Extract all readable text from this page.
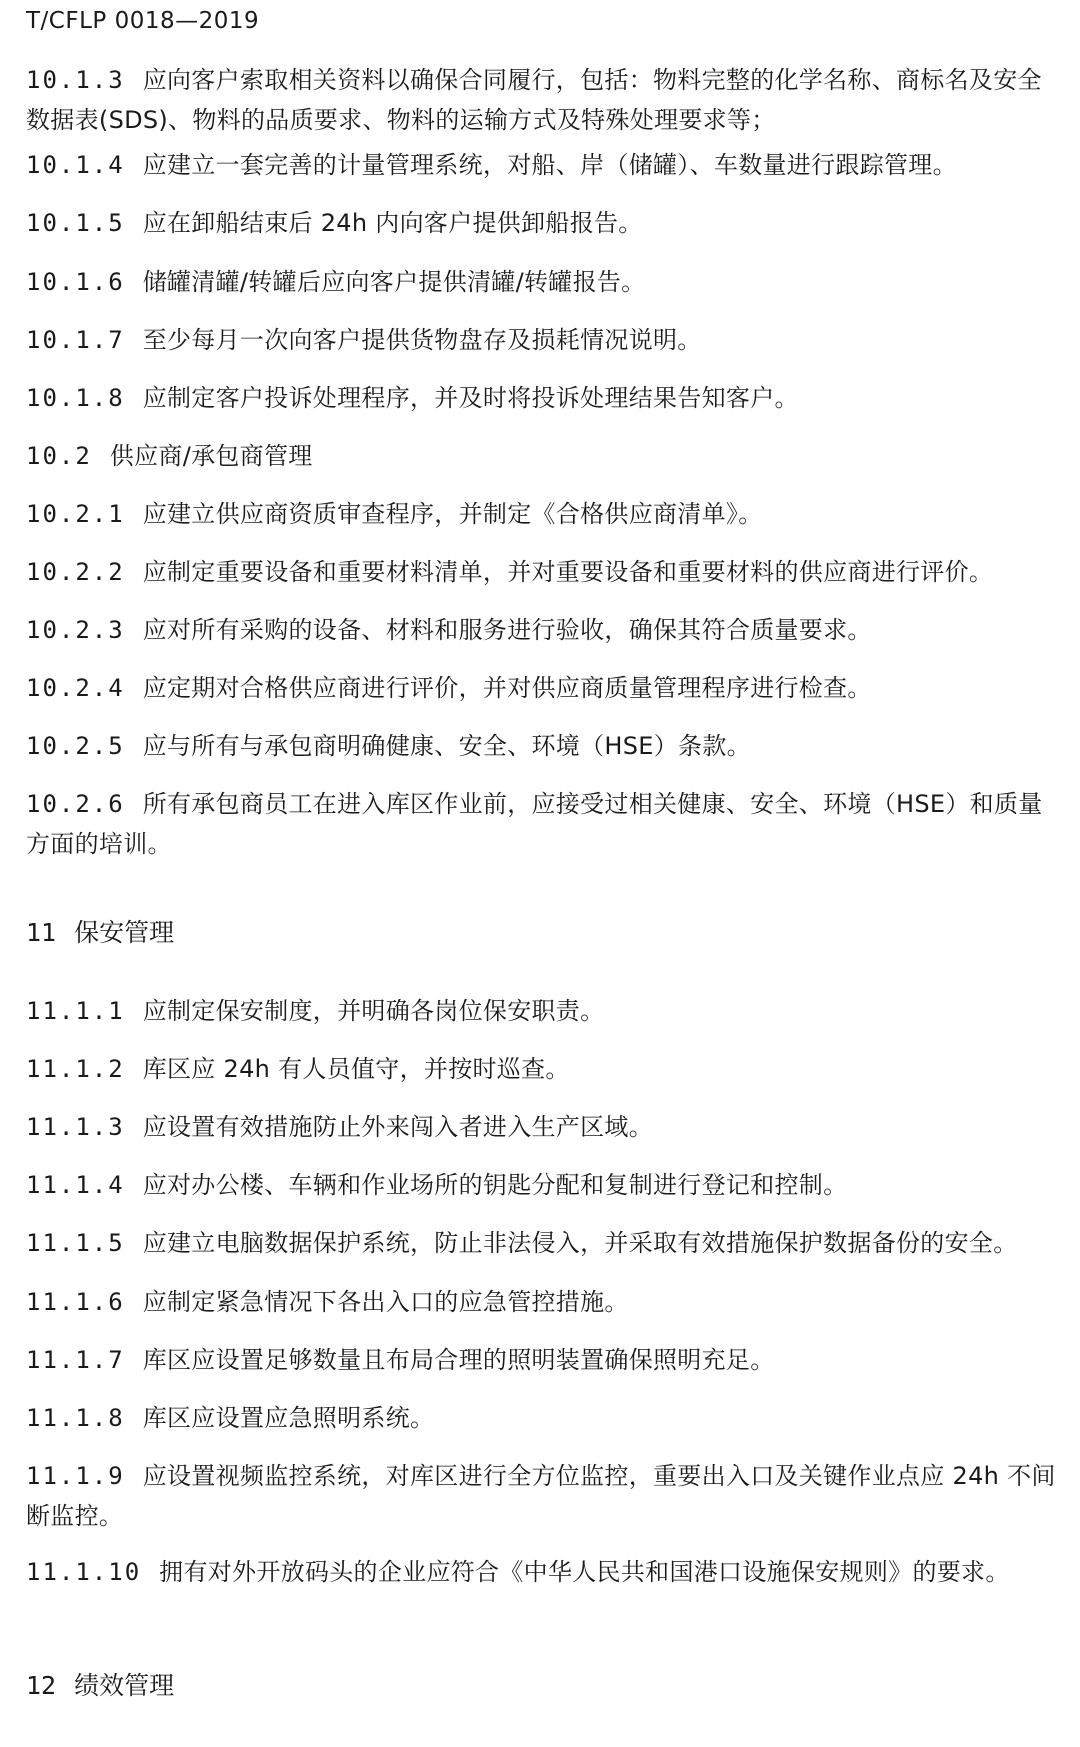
T/CFLP 0018—2019
10.1.3 应向客户索取相关资料以确保合同履行，包括：物料完整的化学名称、商标名及安全数据表(SDS)、物料的品质要求、物料的运输方式及特殊处理要求等；
10.1.4 应建立一套完善的计量管理系统，对船、岸（储罐）、车数量进行跟踪管理。
10.1.5 应在卸船结束后 24h 内向客户提供卸船报告。
10.1.6 储罐清罐/转罐后应向客户提供清罐/转罐报告。
10.1.7 至少每月一次向客户提供货物盘存及损耗情况说明。
10.1.8 应制定客户投诉处理程序，并及时将投诉处理结果告知客户。
10.2 供应商/承包商管理
10.2.1 应建立供应商资质审查程序，并制定《合格供应商清单》。
10.2.2 应制定重要设备和重要材料清单，并对重要设备和重要材料的供应商进行评价。
10.2.3 应对所有采购的设备、材料和服务进行验收，确保其符合质量要求。
10.2.4 应定期对合格供应商进行评价，并对供应商质量管理程序进行检查。
10.2.5 应与所有与承包商明确健康、安全、环境（HSE）条款。
10.2.6 所有承包商员工在进入库区作业前，应接受过相关健康、安全、环境（HSE）和质量方面的培训。
11 保安管理
11.1.1 应制定保安制度，并明确各岗位保安职责。
11.1.2 库区应 24h 有人员值守，并按时巡查。
11.1.3 应设置有效措施防止外来闯入者进入生产区域。
11.1.4 应对办公楼、车辆和作业场所的钥匙分配和复制进行登记和控制。
11.1.5 应建立电脑数据保护系统，防止非法侵入，并采取有效措施保护数据备份的安全。
11.1.6 应制定紧急情况下各出入口的应急管控措施。
11.1.7 库区应设置足够数量且布局合理的照明装置确保照明充足。
11.1.8 库区应设置应急照明系统。
11.1.9 应设置视频监控系统，对库区进行全方位监控，重要出入口及关键作业点应 24h 不间断监控。
11.1.10 拥有对外开放码头的企业应符合《中华人民共和国港口设施保安规则》的要求。
12 绩效管理
